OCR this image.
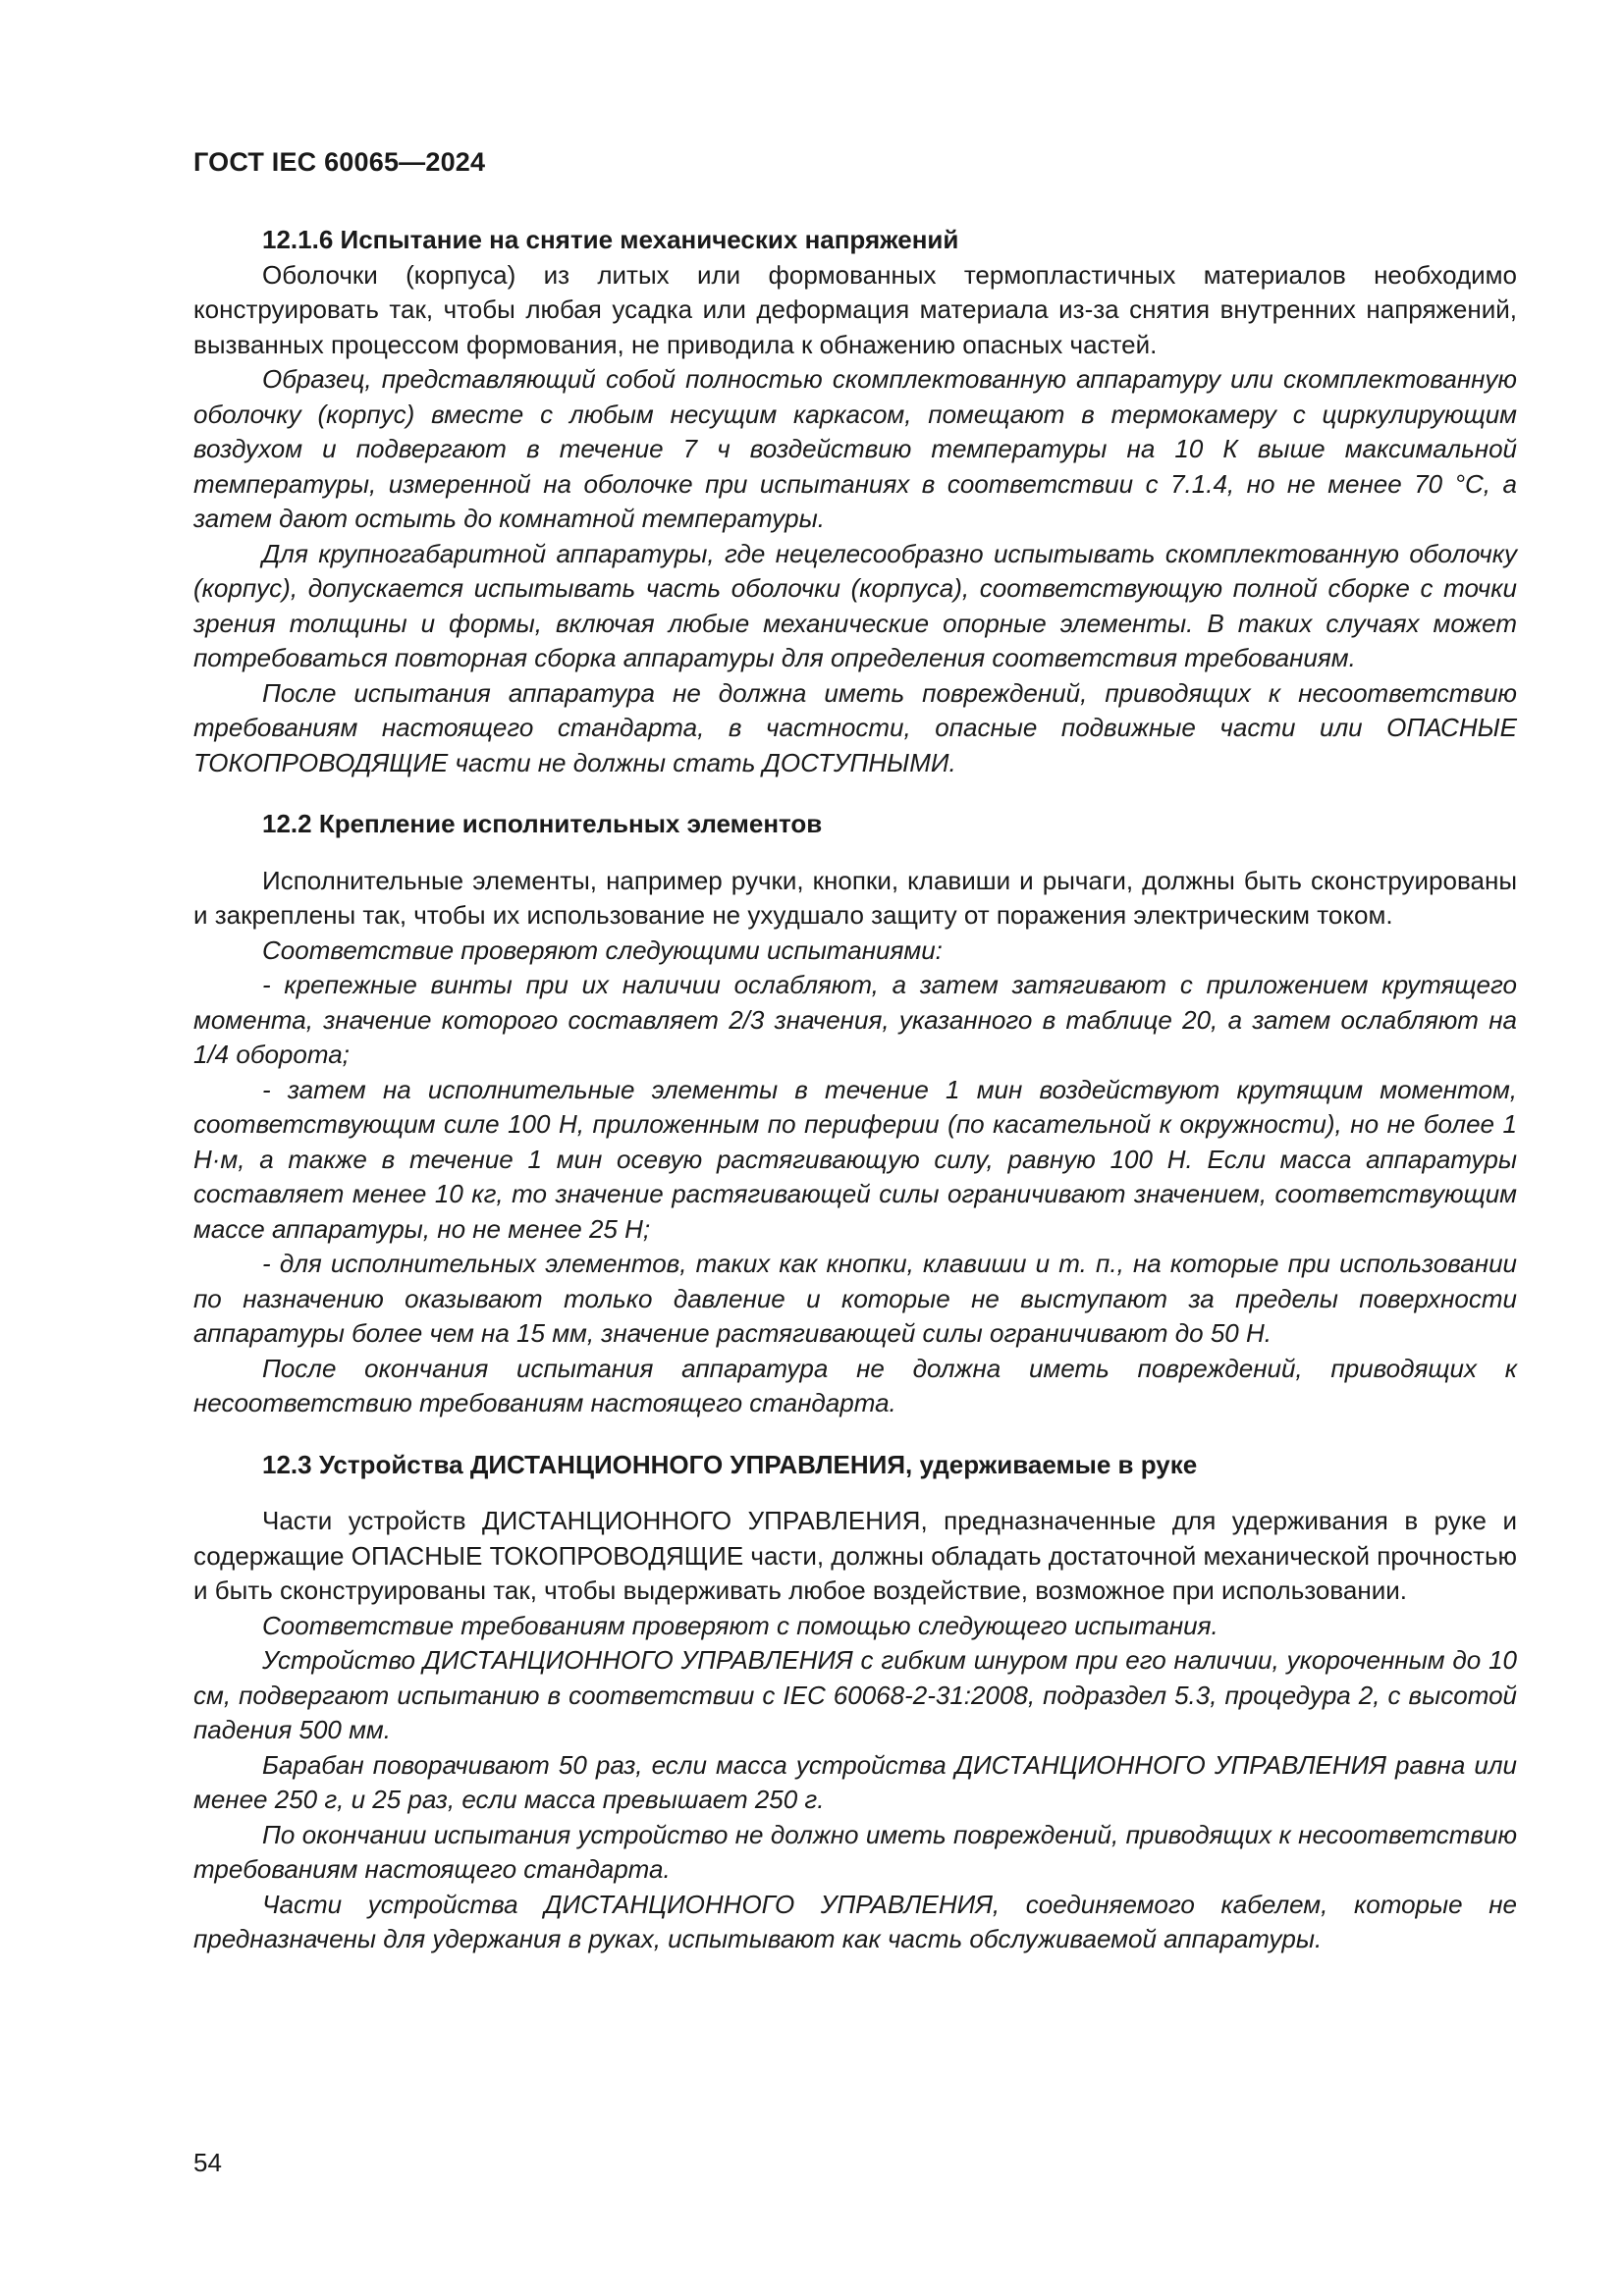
ГОСТ IEC 60065—2024
12.1.6 Испытание на снятие механических напряжений

Оболочки (корпуса) из литых или формованных термопластичных материалов необходимо конструировать так, чтобы любая усадка или деформация материала из-за снятия внутренних напряжений, вызванных процессом формования, не приводила к обнажению опасных частей.

Образец, представляющий собой полностью скомплектованную аппаратуру или скомплектованную оболочку (корпус) вместе с любым несущим каркасом, помещают в термокамеру с циркулирующим воздухом и подвергают в течение 7 ч воздействию температуры на 10 К выше максимальной температуры, измеренной на оболочке при испытаниях в соответствии с 7.1.4, но не менее 70 °С, а затем дают остыть до комнатной температуры.

Для крупногабаритной аппаратуры, где нецелесообразно испытывать скомплектованную оболочку (корпус), допускается испытывать часть оболочки (корпуса), соответствующую полной сборке с точки зрения толщины и формы, включая любые механические опорные элементы. В таких случаях может потребоваться повторная сборка аппаратуры для определения соответствия требованиям.

После испытания аппаратура не должна иметь повреждений, приводящих к несоответствию требованиям настоящего стандарта, в частности, опасные подвижные части или ОПАСНЫЕ ТОКОПРОВОДЯЩИЕ части не должны стать ДОСТУПНЫМИ.

12.2 Крепление исполнительных элементов

Исполнительные элементы, например ручки, кнопки, клавиши и рычаги, должны быть сконструированы и закреплены так, чтобы их использование не ухудшало защиту от поражения электрическим током.

Соответствие проверяют следующими испытаниями:

- крепежные винты при их наличии ослабляют, а затем затягивают с приложением крутящего момента, значение которого составляет 2/3 значения, указанного в таблице 20, а затем ослабляют на 1/4 оборота;

- затем на исполнительные элементы в течение 1 мин воздействуют крутящим моментом, соответствующим силе 100 Н, приложенным по периферии (по касательной к окружности), но не более 1 Н·м, а также в течение 1 мин осевую растягивающую силу, равную 100 Н. Если масса аппаратуры составляет менее 10 кг, то значение растягивающей силы ограничивают значением, соответствующим массе аппаратуры, но не менее 25 Н;

- для исполнительных элементов, таких как кнопки, клавиши и т. п., на которые при использовании по назначению оказывают только давление и которые не выступают за пределы поверхности аппаратуры более чем на 15 мм, значение растягивающей силы ограничивают до 50 Н.

После окончания испытания аппаратура не должна иметь повреждений, приводящих к несоответствию требованиям настоящего стандарта.

12.3 Устройства ДИСТАНЦИОННОГО УПРАВЛЕНИЯ, удерживаемые в руке

Части устройств ДИСТАНЦИОННОГО УПРАВЛЕНИЯ, предназначенные для удерживания в руке и содержащие ОПАСНЫЕ ТОКОПРОВОДЯЩИЕ части, должны обладать достаточной механической прочностью и быть сконструированы так, чтобы выдерживать любое воздействие, возможное при использовании.

Соответствие требованиям проверяют с помощью следующего испытания.

Устройство ДИСТАНЦИОННОГО УПРАВЛЕНИЯ с гибким шнуром при его наличии, укороченным до 10 см, подвергают испытанию в соответствии с IEC 60068-2-31:2008, подраздел 5.3, процедура 2, с высотой падения 500 мм.

Барабан поворачивают 50 раз, если масса устройства ДИСТАНЦИОННОГО УПРАВЛЕНИЯ равна или менее 250 г, и 25 раз, если масса превышает 250 г.

По окончании испытания устройство не должно иметь повреждений, приводящих к несоответствию требованиям настоящего стандарта.

Части устройства ДИСТАНЦИОННОГО УПРАВЛЕНИЯ, соединяемого кабелем, которые не предназначены для удержания в руках, испытывают как часть обслуживаемой аппаратуры.

54
